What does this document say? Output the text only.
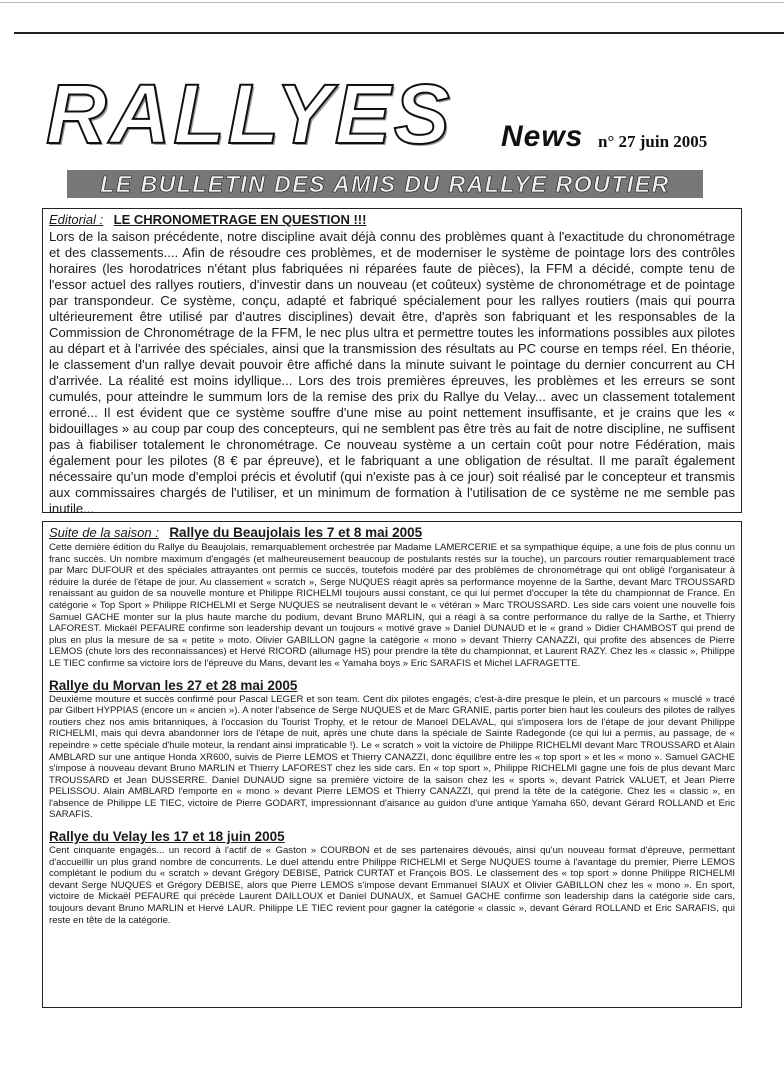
RALLYES News n° 27 juin 2005
LE BULLETIN DES AMIS DU RALLYE ROUTIER
Editorial : LE CHRONOMETRAGE EN QUESTION !!!

Lors de la saison précédente, notre discipline avait déjà connu des problèmes quant à l'exactitude du chronométrage et des classements.... Afin de résoudre ces problèmes, et de moderniser le système de pointage lors des contrôles horaires (les horodatrices n'étant plus fabriquées ni réparées faute de pièces), la FFM a décidé, compte tenu de l'essor actuel des rallyes routiers, d'investir dans un nouveau (et coûteux) système de chronométrage et de pointage par transpondeur. Ce système, conçu, adapté et fabriqué spécialement pour les rallyes routiers (mais qui pourra ultérieurement être utilisé par d'autres disciplines) devait être, d'après son fabriquant et les responsables de la Commission de Chronométrage de la FFM, le nec plus ultra et permettre toutes les informations possibles aux pilotes au départ et à l'arrivée des spéciales, ainsi que la transmission des résultats au PC course en temps réel. En théorie, le classement d'un rallye devait pouvoir être affiché dans la minute suivant le pointage du dernier concurrent au CH d'arrivée. La réalité est moins idyllique... Lors des trois premières épreuves, les problèmes et les erreurs se sont cumulés, pour atteindre le summum lors de la remise des prix du Rallye du Velay... avec un classement totalement erroné... Il est évident que ce système souffre d'une mise au point nettement insuffisante, et je crains que les « bidouillages » au coup par coup des concepteurs, qui ne semblent pas être très au fait de notre discipline, ne suffisent pas à fiabiliser totalement le chronométrage. Ce nouveau système a un certain coût pour notre Fédération, mais également pour les pilotes (8 € par épreuve), et le fabriquant a une obligation de résultat. Il me paraît également nécessaire qu'un mode d'emploi précis et évolutif (qui n'existe pas à ce jour) soit réalisé par le concepteur et transmis aux commissaires chargés de l'utiliser, et un minimum de formation à l'utilisation de ce système ne me semble pas inutile...

Suite de la saison : Rallye du Beaujolais les 7 et 8 mai 2005

Cette dernière édition du Rallye du Beaujolais, remarquablement orchestrée par Madame LAMERCERIE et sa sympathique équipe, a une fois de plus connu un franc succès. Un nombre maximum d'engagés (et malheureusement beaucoup de postulants restés sur la touche), un parcours routier remarquablement tracé par Marc DUFOUR et des spéciales attrayantes ont permis ce succès, toutefois modéré par des problèmes de chronométrage qui ont obligé l'organisateur à réduire la durée de l'étape de jour. Au classement « scratch », Serge NUQUES réagit après sa performance moyenne de la Sarthe, devant Marc TROUSSARD renaissant au guidon de sa nouvelle monture et Philippe RICHELMI toujours aussi constant, ce qui lui permet d'occuper la tête du championnat de France. En catégorie « Top Sport » Philippe RICHELMI et Serge NUQUES se neutralisent devant le « vétéran » Marc TROUSSARD. Les side cars voient une nouvelle fois Samuel GACHE monter sur la plus haute marche du podium, devant Bruno MARLIN, qui a réagi à sa contre performance du rallye de la Sarthe, et Thierry LAFOREST. Mickaël PEFAURE confirme son leadership devant un toujours « motivé grave » Daniel DUNAUD et le « grand » Didier CHAMBOST qui prend de plus en plus la mesure de sa « petite » moto. Olivier GABILLON gagne la catégorie « mono » devant Thierry CANAZZI, qui profite des absences de Pierre LEMOS (chute lors des reconnaissances) et Hervé RICORD (allumage HS) pour prendre la tête du championnat, et Laurent RAZY. Chez les « classic », Philippe LE TIEC confirme sa victoire lors de l'épreuve du Mans, devant les « Yamaha boys » Eric SARAFIS et Michel LAFRAGETTE.

Rallye du Morvan les 27 et 28 mai 2005

Deuxième mouture et succès confirmé pour Pascal LEGER et son team. Cent dix pilotes engagés, c'est-à-dire presque le plein, et un parcours « musclé » tracé par Gilbert HYPPIAS (encore un « ancien »). A noter l'absence de Serge NUQUES et de Marc GRANIE, partis porter bien haut les couleurs des pilotes de rallyes routiers chez nos amis britanniques, à l'occasion du Tourist Trophy, et le retour de Manoel DELAVAL, qui s'imposera lors de l'étape de jour devant Philippe RICHELMI, mais qui devra abandonner lors de l'étape de nuit, après une chute dans la spéciale de Sainte Radegonde (ce qui lui a permis, au passage, de « repeindre » cette spéciale d'huile moteur, la rendant ainsi impraticable !). Le « scratch » voit la victoire de Philippe RICHELMI devant Marc TROUSSARD et Alain AMBLARD sur une antique Honda XR600, suivis de Pierre LEMOS et Thierry CANAZZI, donc équilibre entre les « top sport » et les « mono ». Samuel GACHE s'impose à nouveau devant Bruno MARLIN et Thierry LAFOREST chez les side cars. En « top sport », Philippe RICHELMI gagne une fois de plus devant Marc TROUSSARD et Jean DUSSERRE. Daniel DUNAUD signe sa première victoire de la saison chez les « sports », devant Patrick VALUET, et Jean Pierre PELISSOU. Alain AMBLARD l'emporte en « mono » devant Pierre LEMOS et Thierry CANAZZI, qui prend la tête de la catégorie. Chez les « classic », en l'absence de Philippe LE TIEC, victoire de Pierre GODART, impressionnant d'aisance au guidon d'une antique Yamaha 650, devant Gérard ROLLAND et Eric SARAFIS.

Rallye du Velay les 17 et 18 juin 2005

Cent cinquante engagés... un record à l'actif de « Gaston » COURBON et de ses partenaires dévoués, ainsi qu'un nouveau format d'épreuve, permettant d'accueillir un plus grand nombre de concurrents. Le duel attendu entre Philippe RICHELMI et Serge NUQUES tourne à l'avantage du premier, Pierre LEMOS complétant le podium du « scratch » devant Grégory DEBISE, Patrick CURTAT et François BOS. Le classement des « top sport » donne Philippe RICHELMI devant Serge NUQUES et Grégory DEBISE, alors que Pierre LEMOS s'impose devant Emmanuel SIAUX et Olivier GABILLON chez les « mono ». En sport, victoire de Mickaël PEFAURE qui précède Laurent DAILLOUX et Daniel DUNAUX, et Samuel GACHE confirme son leadership dans la catégorie side cars, toujours devant Bruno MARLIN et Hervé LAUR. Philippe LE TIEC revient pour gagner la catégorie « classic », devant Gérard ROLLAND et Eric SARAFIS, qui reste en tête de la catégorie.
